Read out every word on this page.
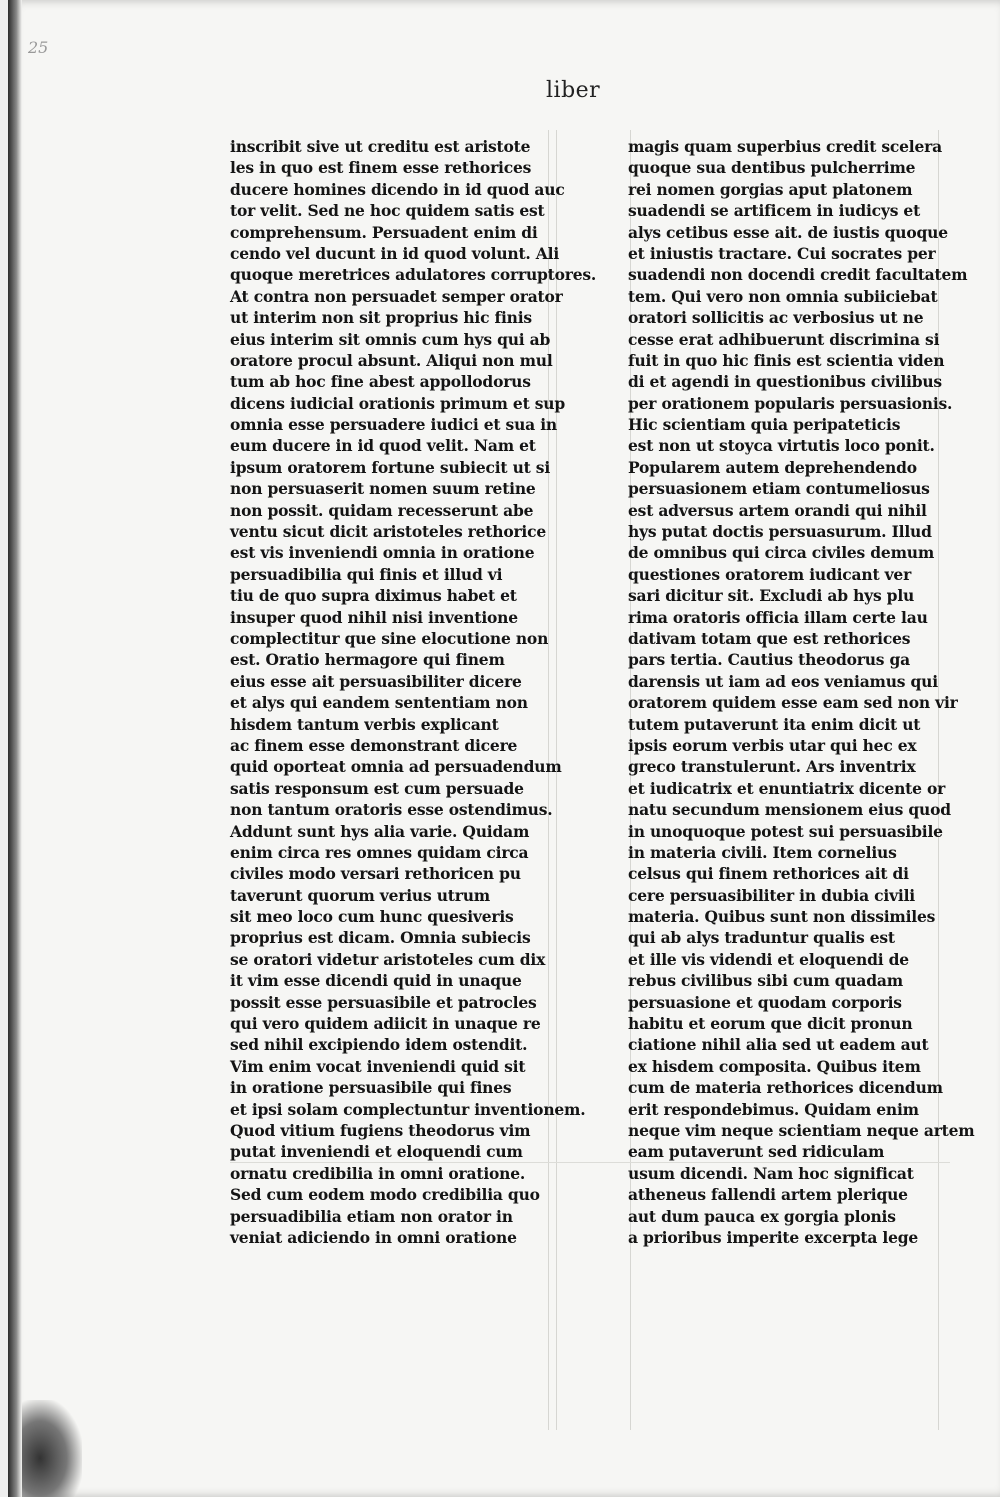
25
liber
inscribit sive ut creditu est aristote
les in quo est finem esse rethorices
ducere homines dicendo in id quod auc
tor velit. Sed ne hoc quidem satis est
comprehensum. Persuadent enim di
cendo vel ducunt in id quod volunt. Ali
quoque meretrices adulatores corruptores.
At contra non persuadet semper orator
ut interim non sit proprius hic finis
eius interim sit omnis cum hys qui ab
oratore procul absunt. Aliqui non mul
tum ab hoc fine abest appollodorus
dicens iudicial orationis primum et sup
omnia esse persuadere iudici et sua in
eum ducere in id quod velit. Nam et
ipsum oratorem fortune subiecit ut si
non persuaserit nomen suum retine
non possit. quidam recesserunt abe
ventu sicut dicit aristoteles rethorice
est vis inveniendi omnia in oratione
persuadibilia qui finis et illud vi
tiu de quo supra diximus habet et
insuper quod nihil nisi inventione
complectitur que sine elocutione non
est. Oratio hermagore qui finem
eius esse ait persuasibiliter dicere
et alys qui eandem sententiam non
hisdem tantum verbis explicant
ac finem esse demonstrant dicere
quid oporteat omnia ad persuadendum
satis responsum est cum persuade
non tantum oratoris esse ostendimus.
Addunt sunt hys alia varie. Quidam
enim circa res omnes quidam circa
civiles modo versari rethoricen pu
taverunt quorum verius utrum
sit meo loco cum hunc quesiveris
proprius est dicam. Omnia subiecis
se oratori videtur aristoteles cum dix
it vim esse dicendi quid in unaque
possit esse persuasibile et patrocles
qui vero quidem adiicit in unaque re
sed nihil excipiendo idem ostendit.
Vim enim vocat inveniendi quid sit
in oratione persuasibile qui fines
et ipsi solam complectuntur inventionem.
Quod vitium fugiens theodorus vim
putat inveniendi et eloquendi cum
ornatu credibilia in omni oratione.
Sed cum eodem modo credibilia quo
persuadibilia etiam non orator in
veniat adiciendo in omni oratione
magis quam superbius credit scelera
quoque sua dentibus pulcherrime
rei nomen gorgias aput platonem
suadendi se artificem in iudicys et
alys cetibus esse ait. de iustis quoque
et iniustis tractare. Cui socrates per
suadendi non docendi credit facultatem
tem. Qui vero non omnia subiiciebat
oratori sollicitis ac verbosius ut ne
cesse erat adhibuerunt discrimina si
fuit in quo hic finis est scientia viden
di et agendi in questionibus civilibus
per orationem popularis persuasionis.
Hic scientiam quia peripateticis
est non ut stoyca virtutis loco ponit.
Popularem autem deprehendendo
persuasionem etiam contumeliosus
est adversus artem orandi qui nihil
hys putat doctis persuasurum. Illud
de omnibus qui circa civiles demum
questiones oratorem iudicant ver
sari dicitur sit. Excludi ab hys plu
rima oratoris officia illam certe lau
dativam totam que est rethorices
pars tertia. Cautius theodorus ga
darensis ut iam ad eos veniamus qui
oratorem quidem esse eam sed non vir
tutem putaverunt ita enim dicit ut
ipsis eorum verbis utar qui hec ex
greco transtulerunt. Ars inventrix
et iudicatrix et enuntiatrix dicente or
natu secundum mensionem eius quod
in unoquoque potest sui persuasibile
in materia civili. Item cornelius
celsus qui finem rethorices ait di
cere persuasibiliter in dubia civili
materia. Quibus sunt non dissimiles
qui ab alys traduntur qualis est
et ille vis videndi et eloquendi de
rebus civilibus sibi cum quadam
persuasione et quodam corporis
habitu et eorum que dicit pronun
ciatione nihil alia sed ut eadem aut
ex hisdem composita. Quibus item
cum de materia rethorices dicendum
erit respondebimus. Quidam enim
neque vim neque scientiam neque artem
eam putaverunt sed ridiculam
usum dicendi. Nam hoc significat
atheneus fallendi artem plerique
aut dum pauca ex gorgia plonis
a prioribus imperite excerpta lege
